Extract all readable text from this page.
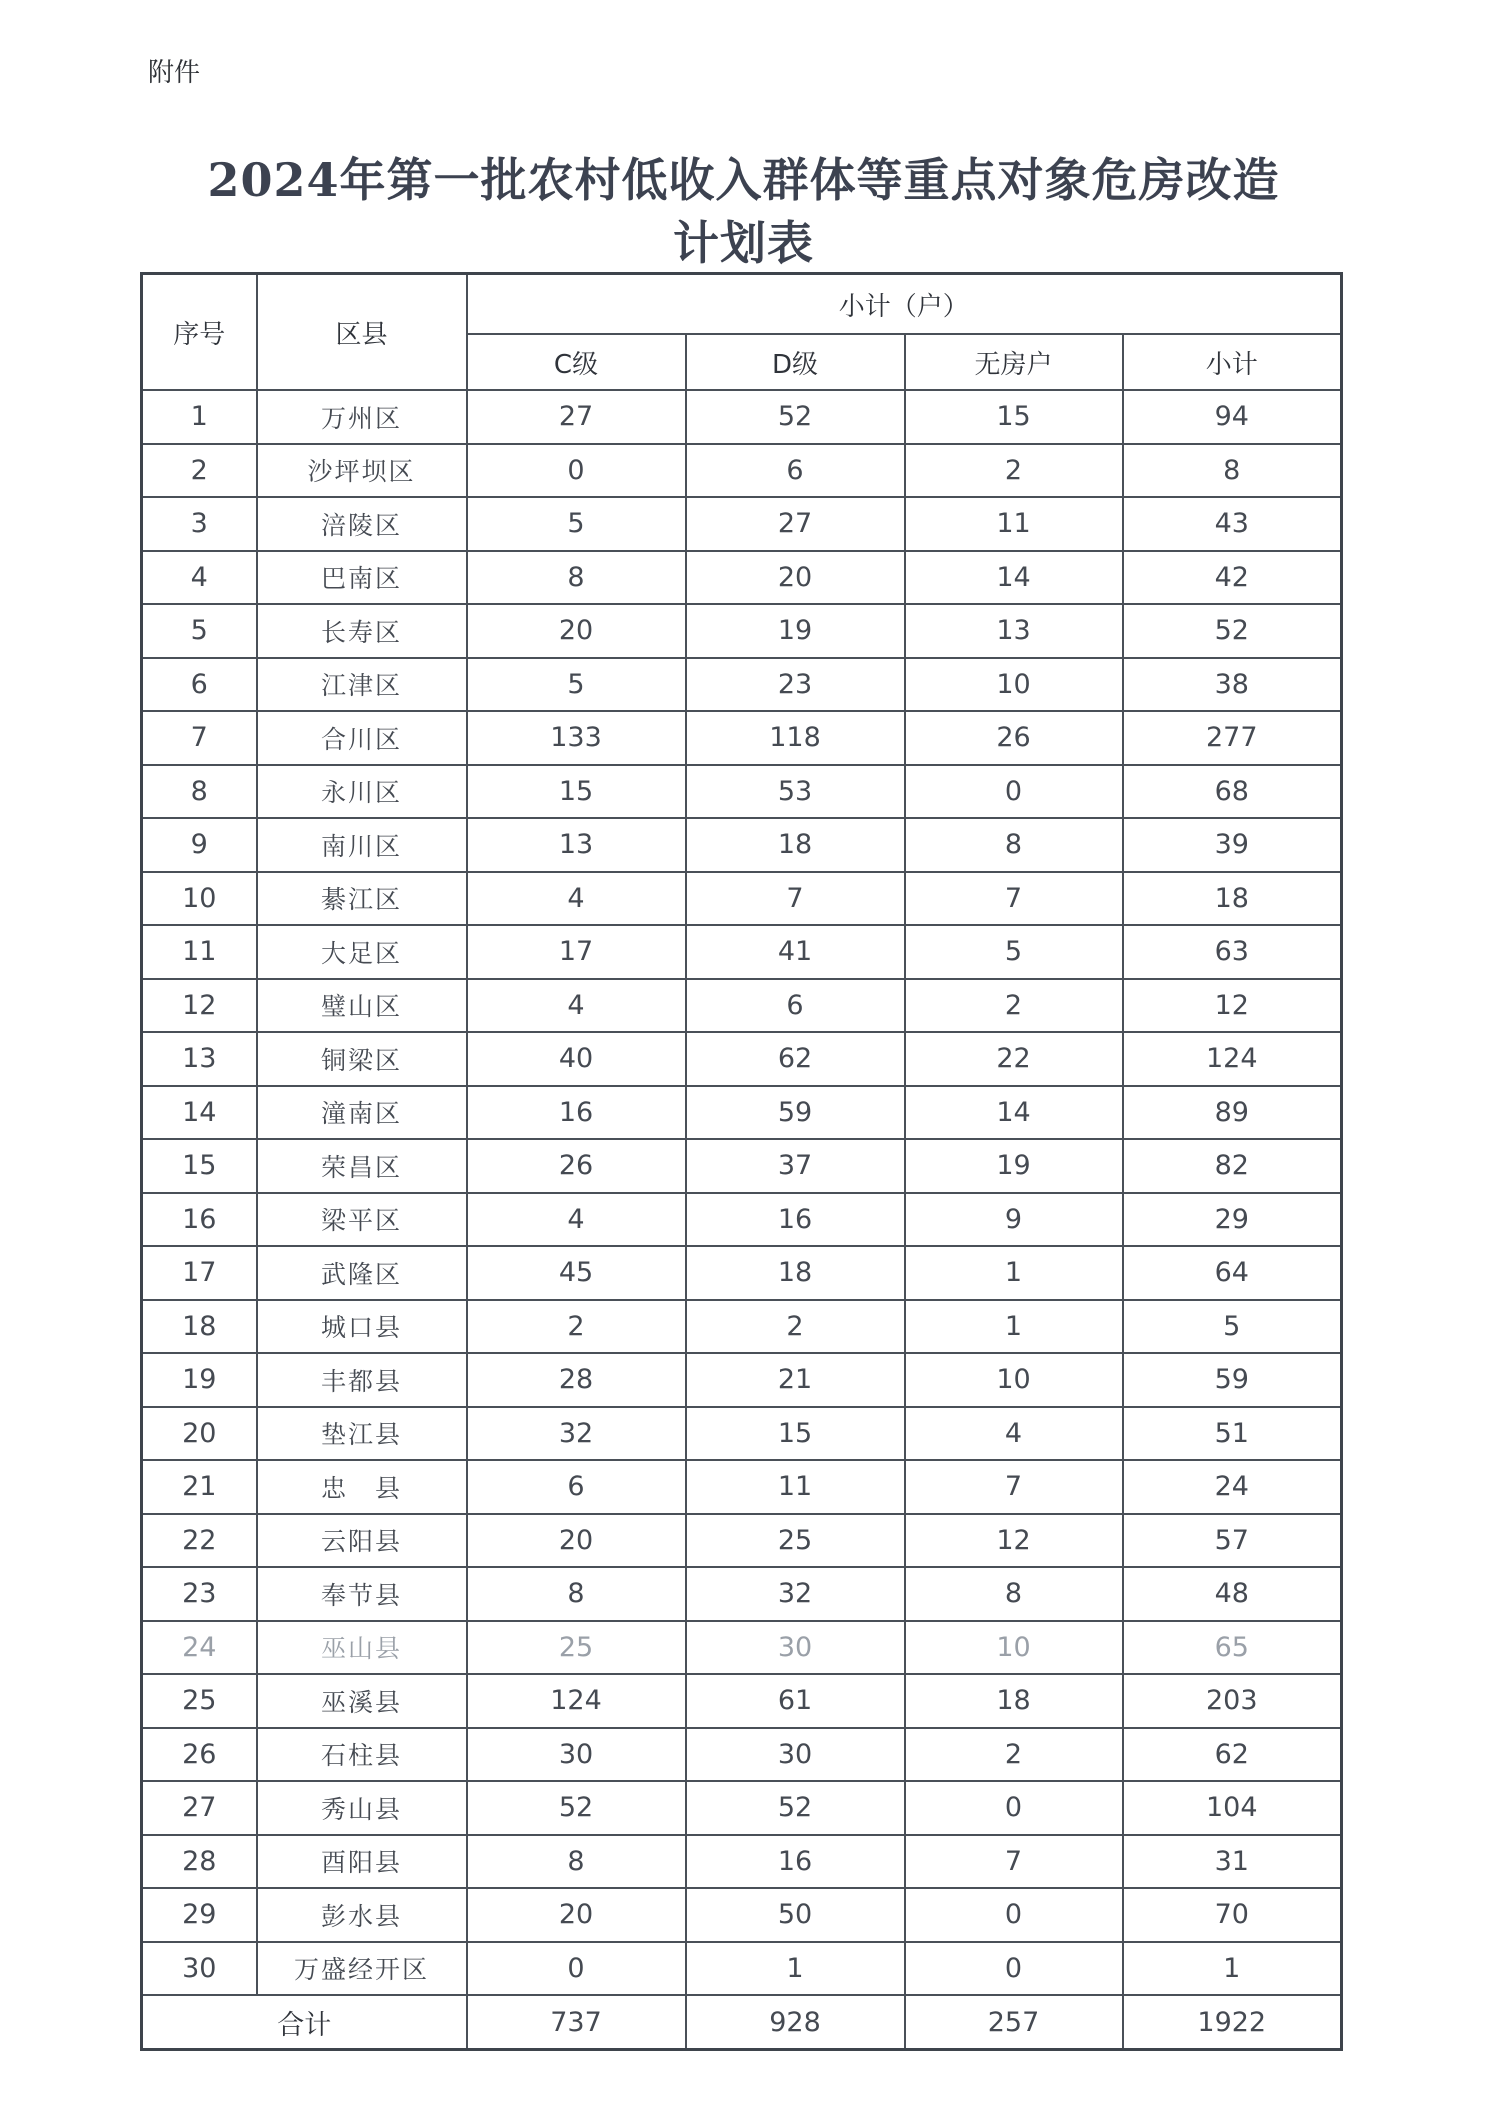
附件
2024年第一批农村低收入群体等重点对象危房改造
计划表
序号	区县	小计（户）			
		C级	D级	无房户	小计
1	万州区	27	52	15	94
2	沙坪坝区	0	6	2	8
3	涪陵区	5	27	11	43
4	巴南区	8	20	14	42
5	长寿区	20	19	13	52
6	江津区	5	23	10	38
7	合川区	133	118	26	277
8	永川区	15	53	0	68
9	南川区	13	18	8	39
10	綦江区	4	7	7	18
11	大足区	17	41	5	63
12	璧山区	4	6	2	12
13	铜梁区	40	62	22	124
14	潼南区	16	59	14	89
15	荣昌区	26	37	19	82
16	梁平区	4	16	9	29
17	武隆区	45	18	1	64
18	城口县	2	2	1	5
19	丰都县	28	21	10	59
20	垫江县	32	15	4	51
21	忠　县	6	11	7	24
22	云阳县	20	25	12	57
23	奉节县	8	32	8	48
24	巫山县	25	30	10	65
25	巫溪县	124	61	18	203
26	石柱县	30	30	2	62
27	秀山县	52	52	0	104
28	酉阳县	8	16	7	31
29	彭水县	20	50	0	70
30	万盛经开区	0	1	0	1
合计		737	928	257	1922
